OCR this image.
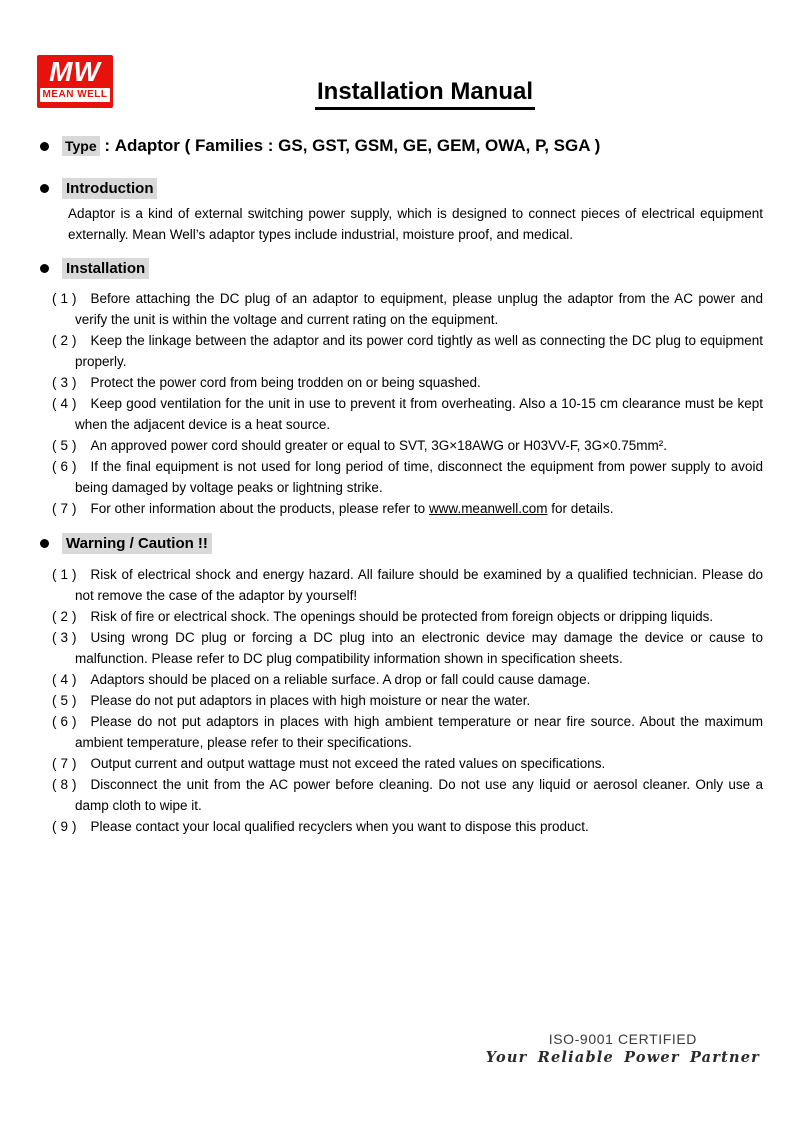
MW
MEAN WELL	Installation Manual
Type : Adaptor ( Families : GS, GST, GSM, GE, GEM, OWA, P, SGA )
Introduction

Adaptor is a kind of external switching power supply, which is designed to connect pieces of electrical equipment externally. Mean Well’s adaptor types include industrial, moisture proof, and medical.

Installation

(1) Before attaching the DC plug of an adaptor to equipment, please unplug the adaptor from the AC power and verify the unit is within the voltage and current rating on the equipment.

(2) Keep the linkage between the adaptor and its power cord tightly as well as connecting the DC plug to equipment properly.

(3) Protect the power cord from being trodden on or being squashed.

(4) Keep good ventilation for the unit in use to prevent it from overheating. Also a 10-15 cm clearance must be kept when the adjacent device is a heat source.

(5) An approved power cord should greater or equal to SVT, 3G×18AWG or H03VV-F, 3G×0.75mm².

(6) If the final equipment is not used for long period of time, disconnect the equipment from power supply to avoid being damaged by voltage peaks or lightning strike.

(7) For other information about the products, please refer to www.meanwell.com for details.

Warning / Caution !!

(1) Risk of electrical shock and energy hazard. All failure should be examined by a qualified technician. Please do not remove the case of the adaptor by yourself!

(2) Risk of fire or electrical shock. The openings should be protected from foreign objects or dripping liquids.

(3) Using wrong DC plug or forcing a DC plug into an electronic device may damage the device or cause to malfunction. Please refer to DC plug compatibility information shown in specification sheets.

(4) Adaptors should be placed on a reliable surface. A drop or fall could cause damage.

(5) Please do not put adaptors in places with high moisture or near the water.

(6) Please do not put adaptors in places with high ambient temperature or near fire source. About the maximum ambient temperature, please refer to their specifications.

(7) Output current and output wattage must not exceed the rated values on specifications.

(8) Disconnect the unit from the AC power before cleaning. Do not use any liquid or aerosol cleaner. Only use a damp cloth to wipe it.

(9) Please contact your local qualified recyclers when you want to dispose this product.

ISO-9001 CERTIFIED
Your Reliable Power Partner
